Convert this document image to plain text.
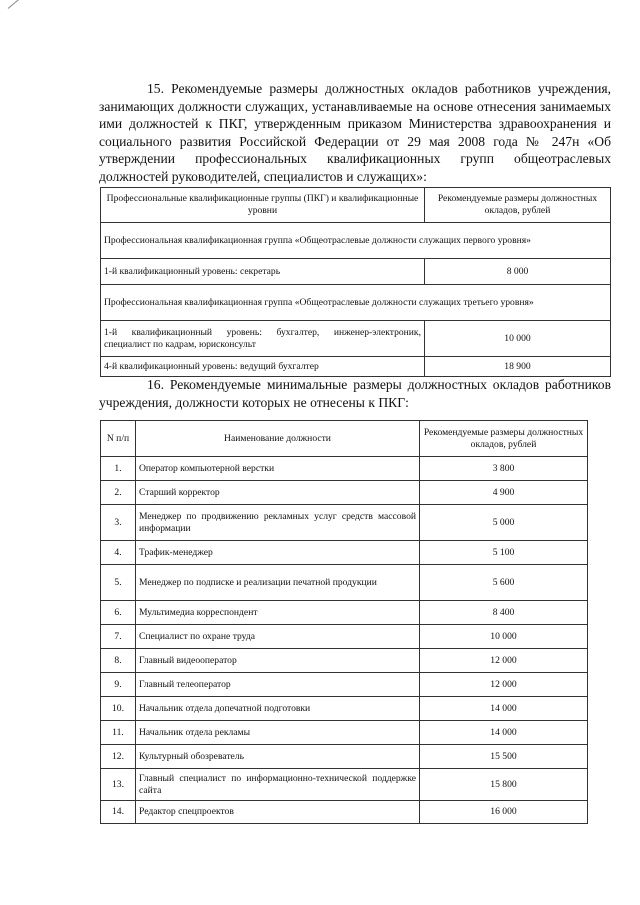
15. Рекомендуемые размеры должностных окладов работников учреждения, занимающих должности служащих, устанавливаемые на основе отнесения занимаемых ими должностей к ПКГ, утвержденным приказом Министерства здравоохранения и социального развития Российской Федерации от 29 мая 2008 года № 247н «Об утверждении профессиональных квалификационных групп общеотраслевых должностей руководителей, специалистов и служащих»:

Профессиональные квалификационные группы (ПКГ) и квалификационные уровни	Рекомендуемые размеры должностных окладов, рублей
Профессиональная квалификационная группа «Общеотраслевые должности служащих первого уровня»	
1-й квалификационный уровень: секретарь	8 000
Профессиональная квалификационная группа «Общеотраслевые должности служащих третьего уровня»	
1-й квалификационный уровень: бухгалтер, инженер-электроник, специалист по кадрам, юрисконсульт	10 000
4-й квалификационный уровень: ведущий бухгалтер	18 900

16. Рекомендуемые минимальные размеры должностных окладов работников учреждения, должности которых не отнесены к ПКГ:

N п/п	Наименование должности	Рекомендуемые размеры должностных окладов, рублей
1.	Оператор компьютерной верстки	3 800
2.	Старший корректор	4 900
3.	Менеджер по продвижению рекламных услуг средств массовой информации	5 000
4.	Трафик-менеджер	5 100
5.	Менеджер по подписке и реализации печатной продукции	5 600
6.	Мультимедиа корреспондент	8 400
7.	Специалист по охране труда	10 000
8.	Главный видеооператор	12 000
9.	Главный телеоператор	12 000
10.	Начальник отдела допечатной подготовки	14 000
11.	Начальник отдела рекламы	14 000
12.	Культурный обозреватель	15 500
13.	Главный специалист по информационно-технической поддержке сайта	15 800
14.	Редактор спецпроектов	16 000
